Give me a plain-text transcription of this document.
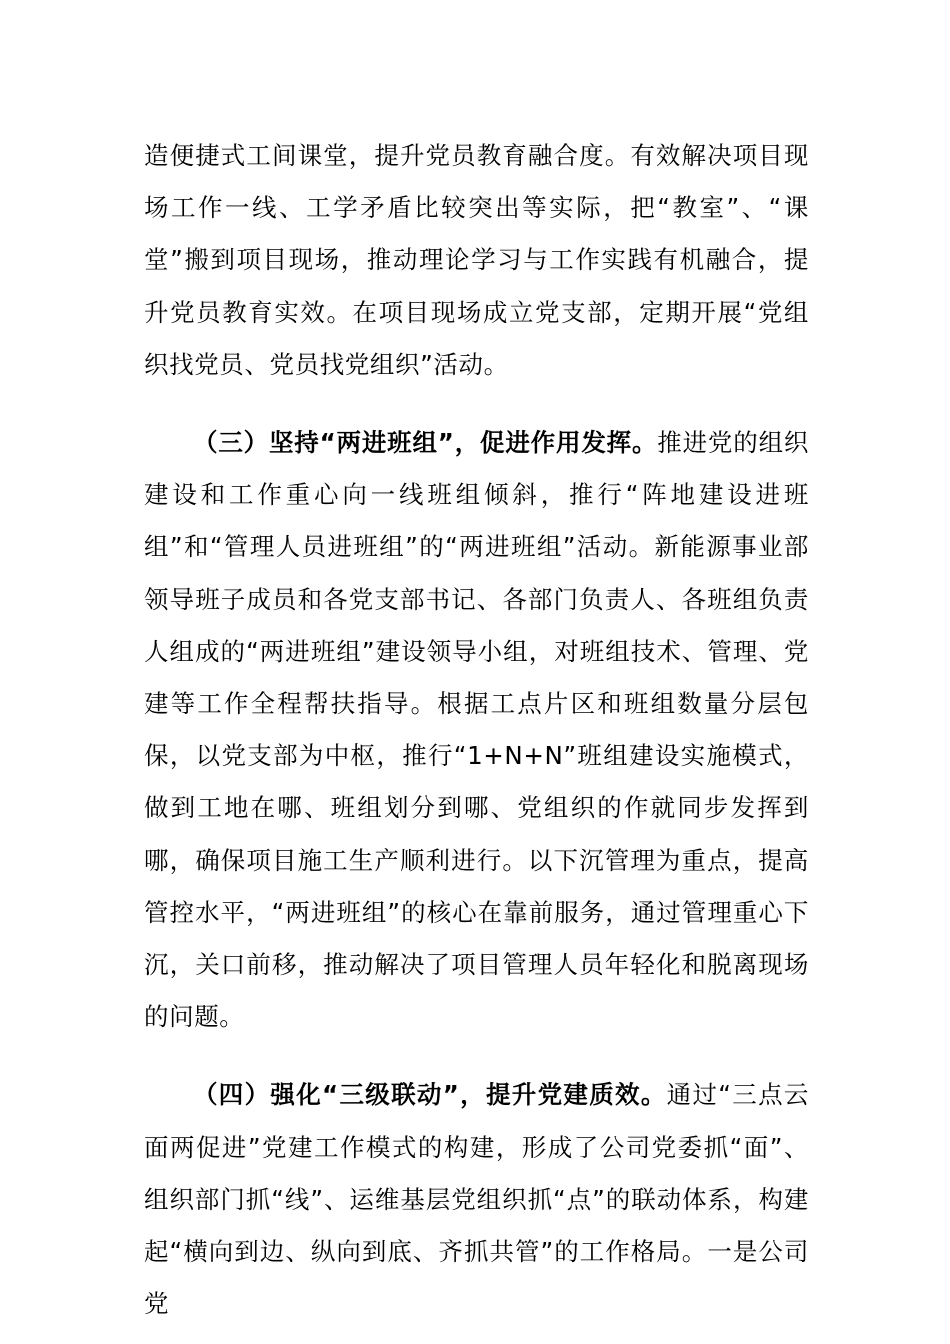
造便捷式工间课堂，提升党员教育融合度。有效解决项目现场工作一线、工学矛盾比较突出等实际，把“教室”、“课堂”搬到项目现场，推动理论学习与工作实践有机融合，提升党员教育实效。在项目现场成立党支部，定期开展“党组织找党员、党员找党组织”活动。

（三）坚持“两进班组”，促进作用发挥。推进党的组织建设和工作重心向一线班组倾斜，推行“阵地建设进班组”和“管理人员进班组”的“两进班组”活动。新能源事业部领导班子成员和各党支部书记、各部门负责人、各班组负责人组成的“两进班组”建设领导小组，对班组技术、管理、党建等工作全程帮扶指导。根据工点片区和班组数量分层包保，以党支部为中枢，推行“1+N+N”班组建设实施模式，做到工地在哪、班组划分到哪、党组织的作就同步发挥到哪，确保项目施工生产顺利进行。以下沉管理为重点，提高管控水平，“两进班组”的核心在靠前服务，通过管理重心下沉，关口前移，推动解决了项目管理人员年轻化和脱离现场的问题。

（四）强化“三级联动”，提升党建质效。通过“三点云面两促进”党建工作模式的构建，形成了公司党委抓“面”、组织部门抓“线”、运维基层党组织抓“点”的联动体系，构建起“横向到边、纵向到底、齐抓共管”的工作格局。一是公司党
